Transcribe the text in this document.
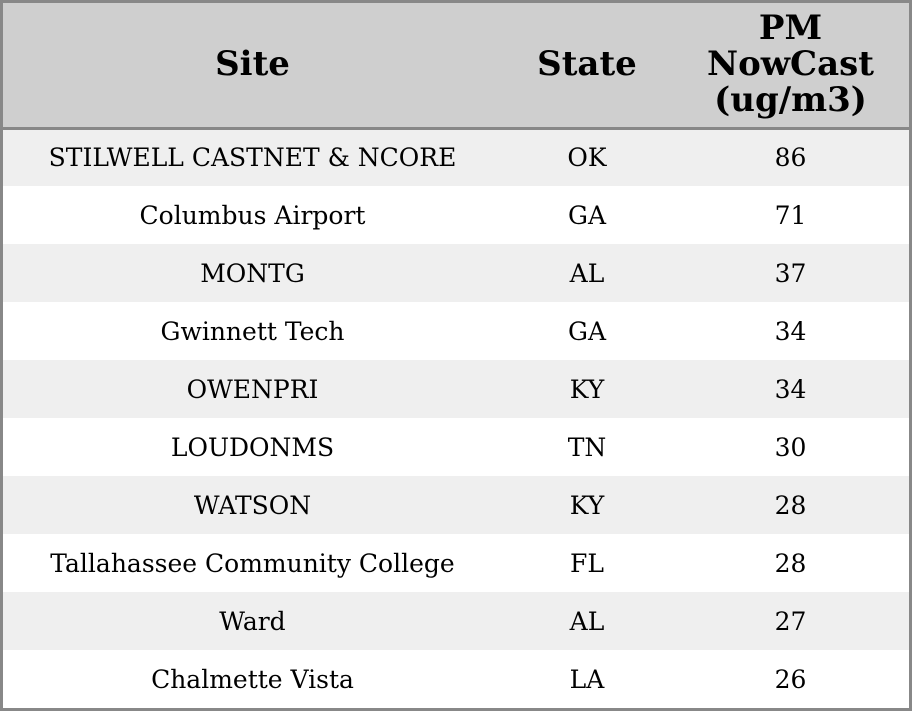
Site	State	PM
NowCast
(ug/m3)

STILWELL CASTNET & NCORE	OK	86
Columbus Airport	GA	71
MONTG	AL	37
Gwinnett Tech	GA	34
OWENPRI	KY	34
LOUDONMS	TN	30
WATSON	KY	28
Tallahassee Community College	FL	28
Ward	AL	27
Chalmette Vista	LA	26
